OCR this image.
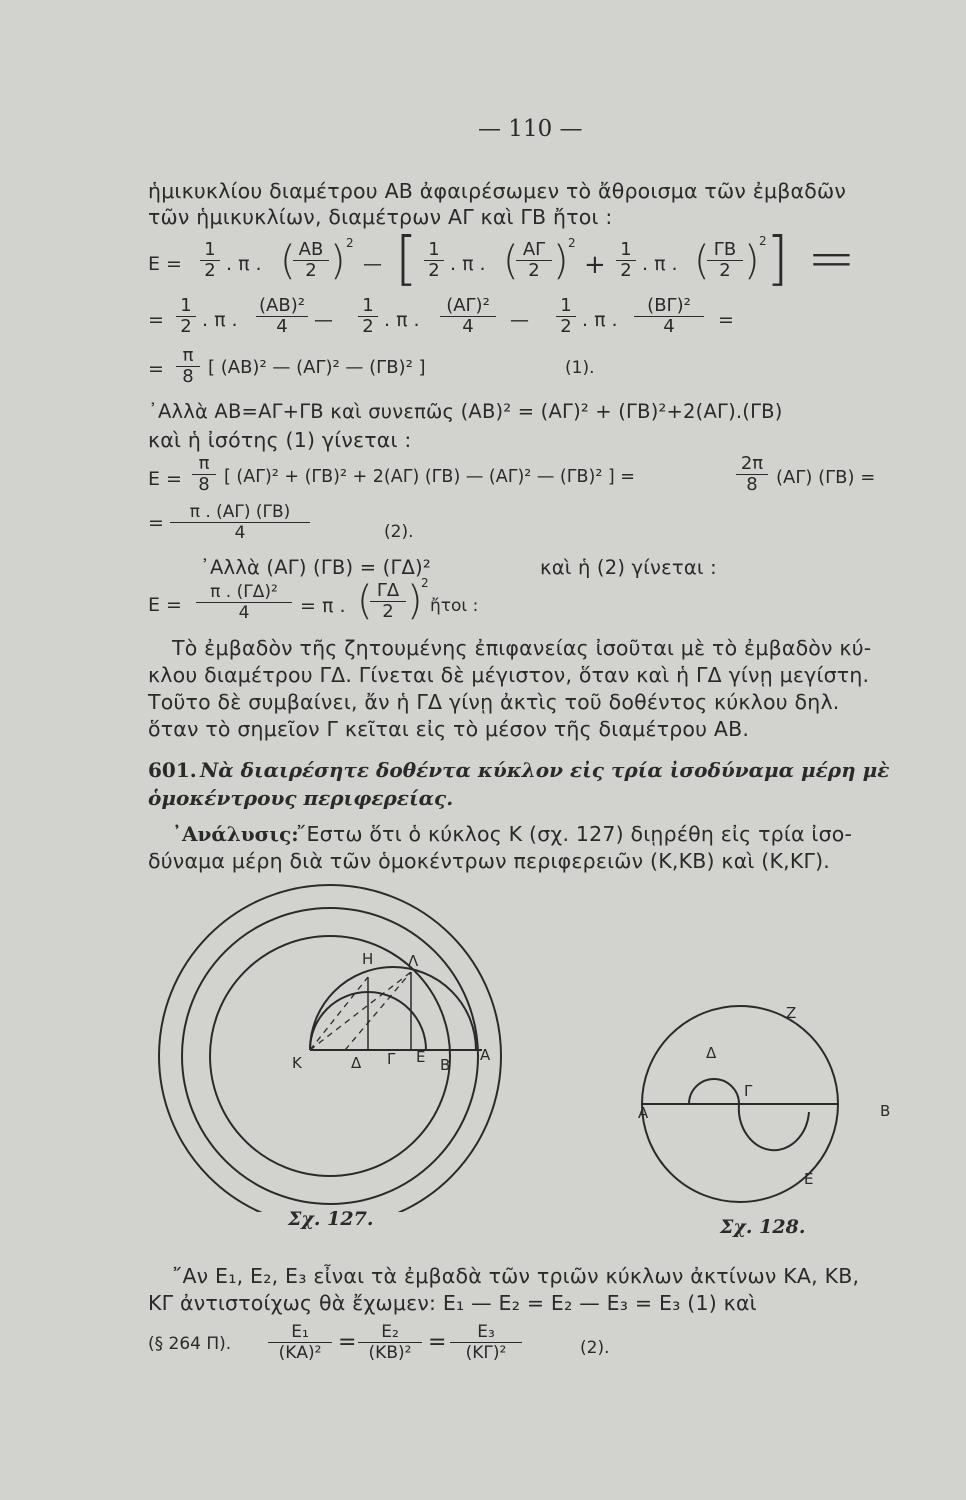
— 110 —
ἡμικυκλίου διαμέτρου ΑΒ ἀφαιρέσωμεν τὸ ἄθροισμα τῶν ἐμβαδῶν
τῶν ἡμικυκλίων, διαμέτρων ΑΓ καὶ ΓΒ ἤτοι :
$E = \frac{1}{2}$ . π . (
$\frac{AB}{2}$ ) 2
— [ $\frac{1}{2}$ . π . (
$\frac{A\Gamma}{2}$ ) 2
+ $\frac{1}{2}$ . π . (
$\frac{\Gamma B}{2}$ ) 2 ] =
= $\frac{1}{2}$ . π . $\frac{\text{(ΑΒ)²}}{4}$ — $\frac{1}{2}$ . π . $\frac{\text{(ΑΓ)²}}{4}$ — $\frac{1}{2}$ . π . $\frac{\text{(ΒΓ)²}}{4}$ =
= $\frac{\pi}{8}$ [ (ΑΒ)² — (ΑΓ)² — (ΓΒ)² ]	(1).
᾿Αλλὰ ΑΒ=ΑΓ+ΓΒ καὶ συνεπῶς (ΑΒ)² = (ΑΓ)² + (ΓΒ)²+2(ΑΓ).(ΓΒ)
καὶ ἡ ἰσότης (1) γίνεται :
$E = \frac{\pi}{8}$ [ (ΑΓ)² + (ΓΒ)² + 2(ΑΓ) (ΓΒ) — (ΑΓ)² — (ΓΒ)² ] =	$\frac{2\pi}{8} (A\Gamma) (\Gamma B)$ =
= $\frac{\pi . (A\Gamma) (\Gamma B)}{4}$	(2).
᾿Αλλὰ (ΑΓ) (ΓΒ) = (ΓΔ)²	καὶ ἡ (2) γίνεται :
$E = \frac{\text{π . (ΓΔ)²}}{4} = \pi$ . (
$\frac{\Gamma\Delta}{2}$ )
2
ἤτοι :
Τὸ ἐμβαδὸν τῆς ζητουμένης ἐπιφανείας ἰσοῦται μὲ τὸ ἐμβαδὸν κύ-
κλου διαμέτρου ΓΔ. Γίνεται δὲ μέγιστον, ὅταν καὶ ἡ ΓΔ γίνῃ μεγίστη.
Τοῦτο δὲ συμβαίνει, ἄν ἡ ΓΔ γίνῃ ἀκτὶς τοῦ δοθέντος κύκλου δηλ.
ὅταν τὸ σημεῖον Γ κεῖται εἰς τὸ μέσον τῆς διαμέτρου ΑΒ.
601. Νὰ διαιρέσητε δοθέντα κύκλον εἰς τρία ἰσοδύναμα μέρη μὲ
ὁμοκέντρους περιφερείας.
᾿Ανάλυσις:
῎Εστω ὅτι ὁ κύκλος Κ (σχ. 127) διῃρέθη εἰς τρία ἰσο-
δύναμα μέρη διὰ τῶν ὁμοκέντρων περιφερειῶν (Κ,ΚΒ) καὶ (Κ,ΚΓ).
Η Λ
Κ	Δ Γ Ε Β
Α
Σχ. 127.
Ζ
Δ
Γ
Α	Β
Ε
Σχ. 128.
῎Αν Ε₁, Ε₂, Ε₃ εἶναι τὰ ἐμβαδὰ τῶν τριῶν κύκλων ἀκτίνων ΚΑ, ΚΒ,
ΚΓ ἀντιστοίχως θὰ ἔχωμεν: Ε₁ — Ε₂ = Ε₂ — Ε₃ = Ε₃ (1) καὶ
(§ 264 Π). $\frac{\text{Ε₁}}{\text{(ΚΑ)²}} = \frac{\text{Ε₂}}{\text{(ΚΒ)²}} = \frac{\text{Ε₃}}{\text{(ΚΓ)²}}$	(2).
